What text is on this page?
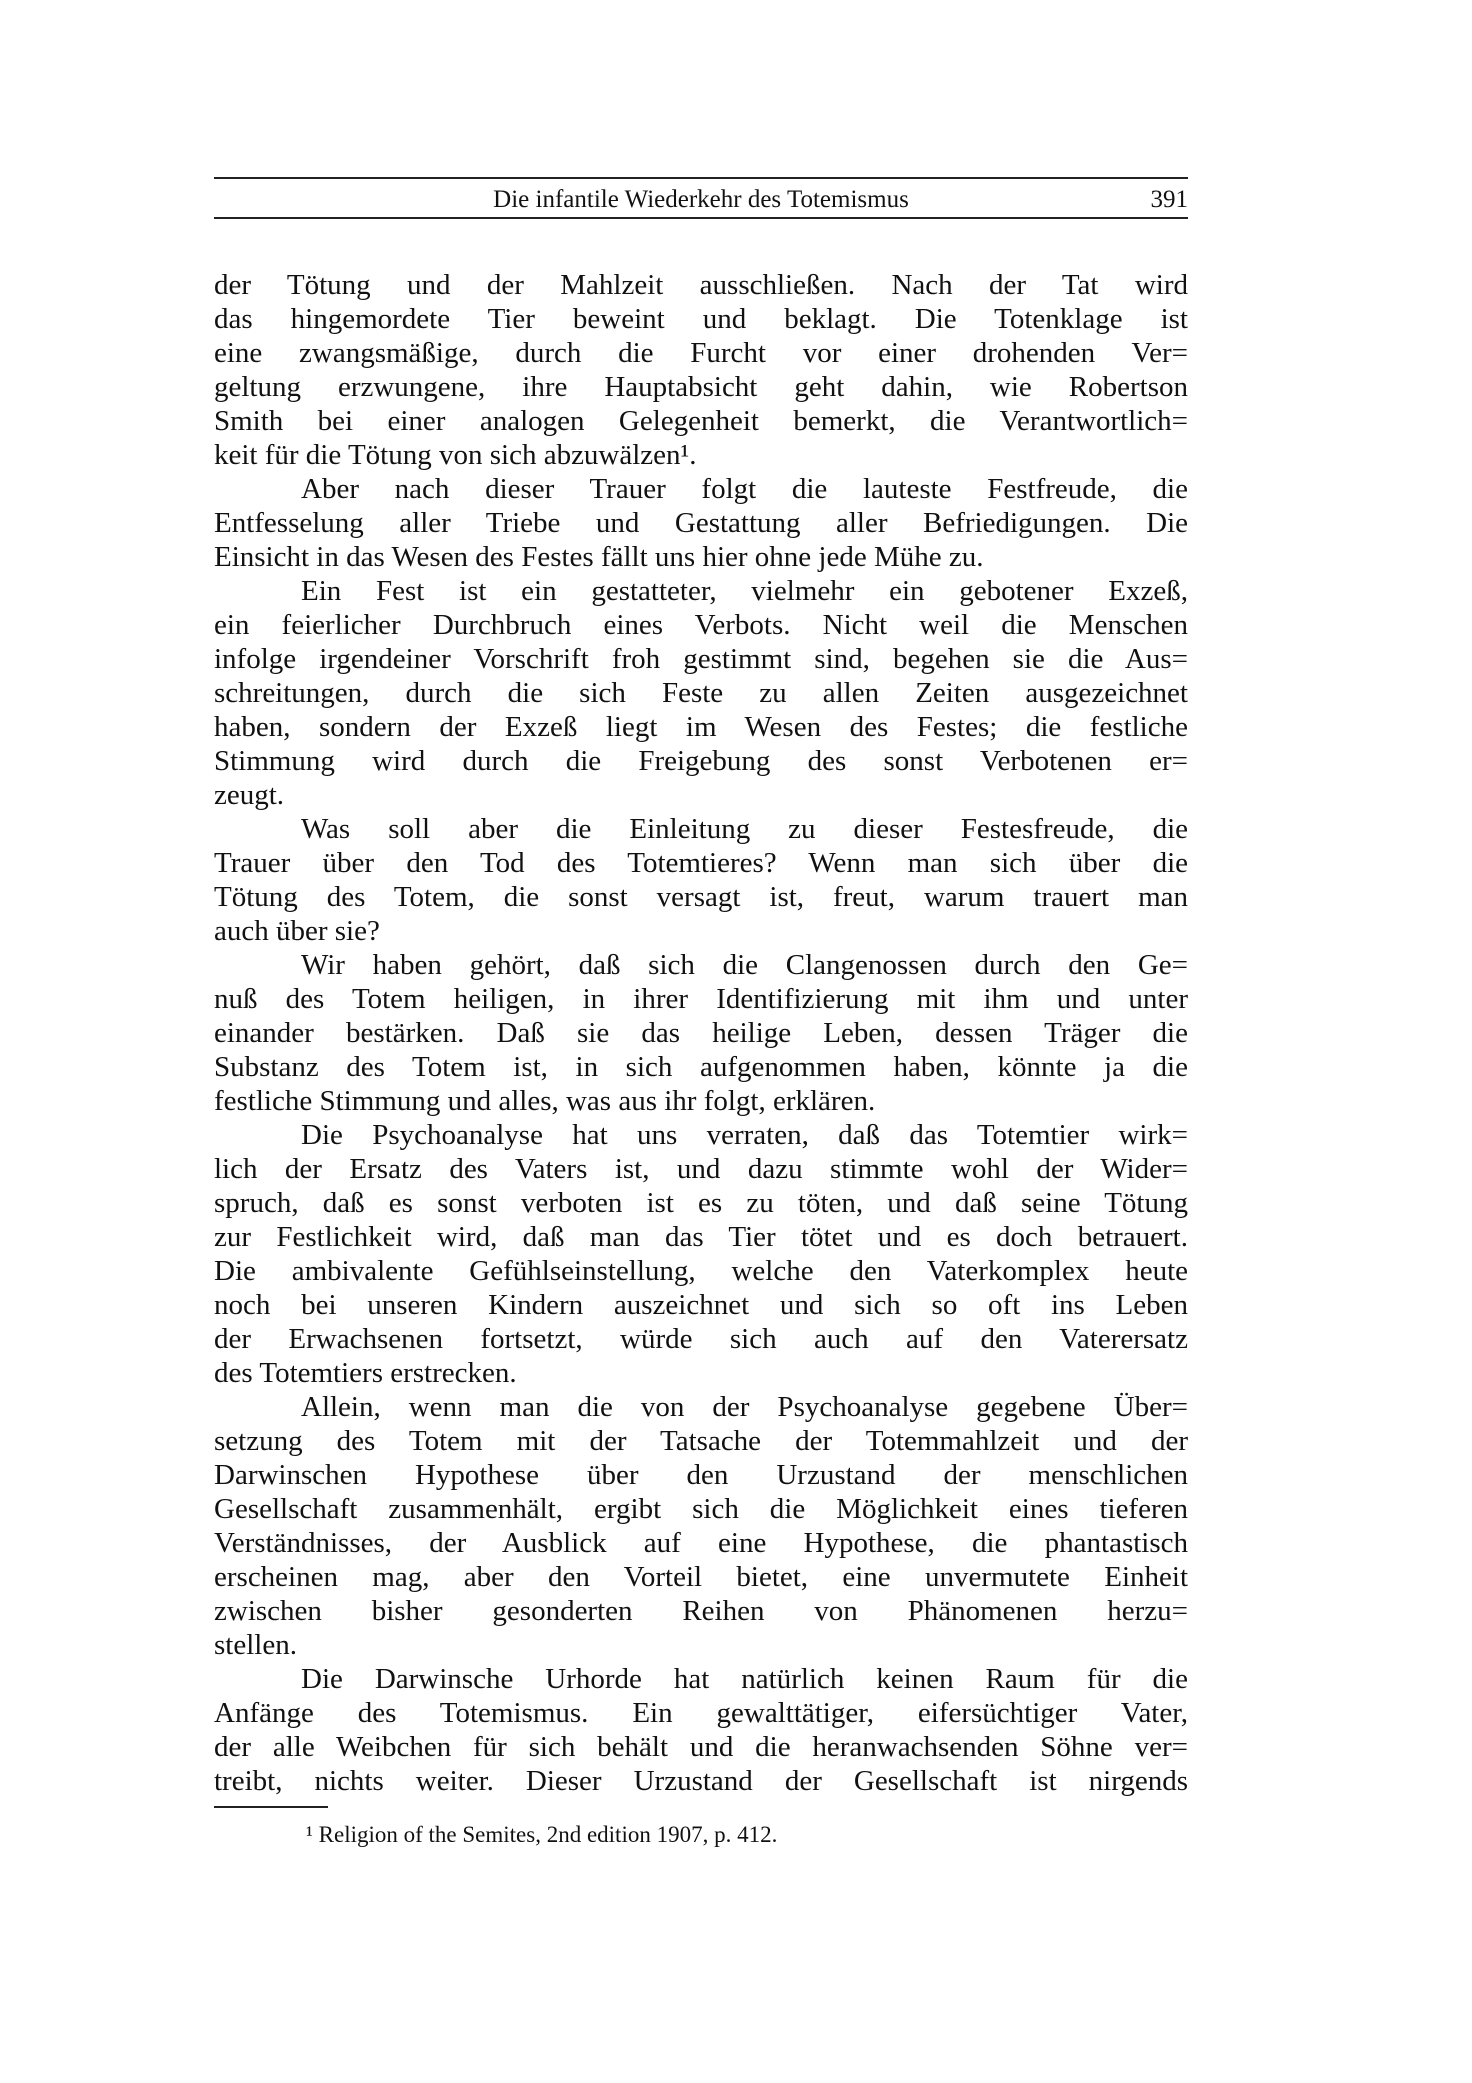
Die infantile Wiederkehr des Totemismus	391
der Tötung und der Mahlzeit ausschließen. Nach der Tat wird
das hingemordete Tier beweint und beklagt. Die Totenklage ist
eine zwangsmäßige, durch die Furcht vor einer drohenden Ver=
geltung erzwungene, ihre Hauptabsicht geht dahin, wie Robertson
Smith bei einer analogen Gelegenheit bemerkt, die Verantwortlich=
keit für die Tötung von sich abzuwälzen¹.
Aber nach dieser Trauer folgt die lauteste Festfreude, die
Entfesselung aller Triebe und Gestattung aller Befriedigungen. Die
Einsicht in das Wesen des Festes fällt uns hier ohne jede Mühe zu.
Ein Fest ist ein gestatteter, vielmehr ein gebotener Exzeß,
ein feierlicher Durchbruch eines Verbots. Nicht weil die Menschen
infolge irgendeiner Vorschrift froh gestimmt sind, begehen sie die Aus=
schreitungen, durch die sich Feste zu allen Zeiten ausgezeichnet
haben, sondern der Exzeß liegt im Wesen des Festes; die festliche
Stimmung wird durch die Freigebung des sonst Verbotenen er=
zeugt.
Was soll aber die Einleitung zu dieser Festesfreude, die
Trauer über den Tod des Totemtieres? Wenn man sich über die
Tötung des Totem, die sonst versagt ist, freut, warum trauert man
auch über sie?
Wir haben gehört, daß sich die Clangenossen durch den Ge=
nuß des Totem heiligen, in ihrer Identifizierung mit ihm und unter
einander bestärken. Daß sie das heilige Leben, dessen Träger die
Substanz des Totem ist, in sich aufgenommen haben, könnte ja die
festliche Stimmung und alles, was aus ihr folgt, erklären.
Die Psychoanalyse hat uns verraten, daß das Totemtier wirk=
lich der Ersatz des Vaters ist, und dazu stimmte wohl der Wider=
spruch, daß es sonst verboten ist es zu töten, und daß seine Tötung
zur Festlichkeit wird, daß man das Tier tötet und es doch betrauert.
Die ambivalente Gefühlseinstellung, welche den Vaterkomplex heute
noch bei unseren Kindern auszeichnet und sich so oft ins Leben
der Erwachsenen fortsetzt, würde sich auch auf den Vaterersatz
des Totemtiers erstrecken.
Allein, wenn man die von der Psychoanalyse gegebene Über=
setzung des Totem mit der Tatsache der Totemmahlzeit und der
Darwinschen Hypothese über den Urzustand der menschlichen
Gesellschaft zusammenhält, ergibt sich die Möglichkeit eines tieferen
Verständnisses, der Ausblick auf eine Hypothese, die phantastisch
erscheinen mag, aber den Vorteil bietet, eine unvermutete Einheit
zwischen bisher gesonderten Reihen von Phänomenen herzu=
stellen.
Die Darwinsche Urhorde hat natürlich keinen Raum für die
Anfänge des Totemismus. Ein gewalttätiger, eifersüchtiger Vater,
der alle Weibchen für sich behält und die heranwachsenden Söhne ver=
treibt, nichts weiter. Dieser Urzustand der Gesellschaft ist nirgends
¹ Religion of the Semites, 2nd edition 1907, p. 412.
